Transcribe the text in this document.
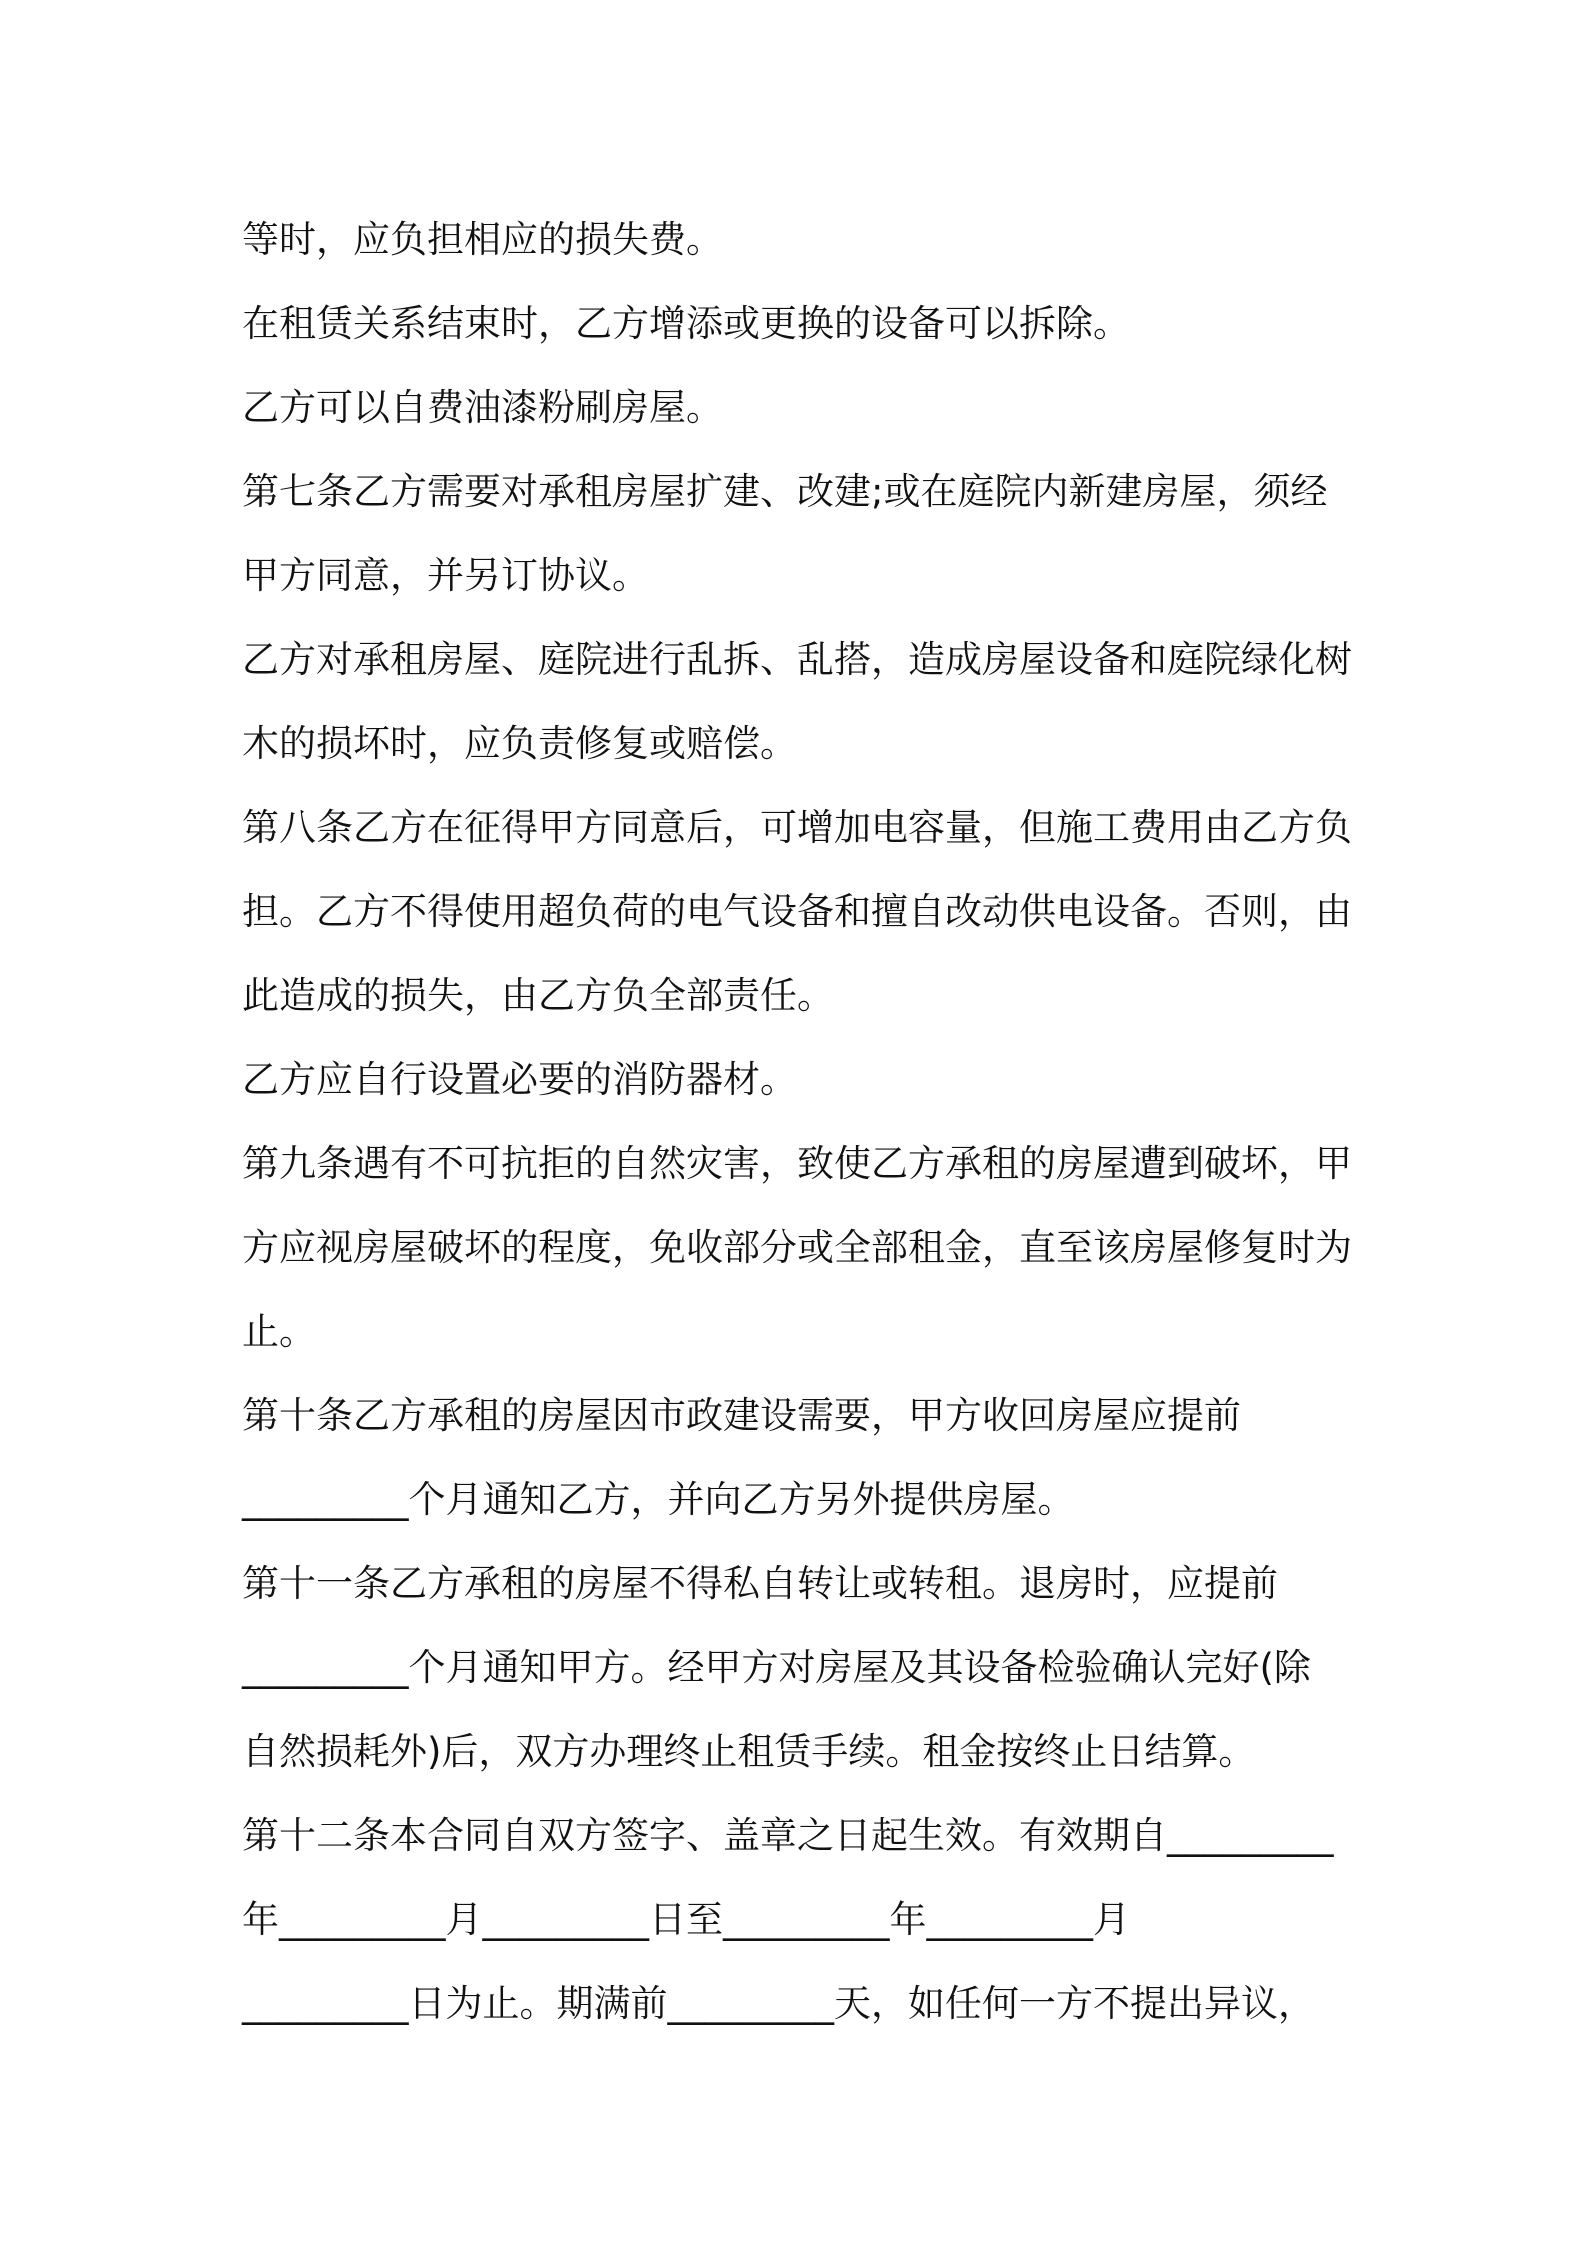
等时，应负担相应的损失费。

在租赁关系结束时，乙方增添或更换的设备可以拆除。

乙方可以自费油漆粉刷房屋。

第七条乙方需要对承租房屋扩建、改建;或在庭院内新建房屋，须经

甲方同意，并另订协议。

乙方对承租房屋、庭院进行乱拆、乱搭，造成房屋设备和庭院绿化树

木的损坏时，应负责修复或赔偿。

第八条乙方在征得甲方同意后，可增加电容量，但施工费用由乙方负

担。乙方不得使用超负荷的电气设备和擅自改动供电设备。否则，由

此造成的损失，由乙方负全部责任。

乙方应自行设置必要的消防器材。

第九条遇有不可抗拒的自然灾害，致使乙方承租的房屋遭到破坏，甲

方应视房屋破坏的程度，免收部分或全部租金，直至该房屋修复时为

止。

第十条乙方承租的房屋因市政建设需要，甲方收回房屋应提前

_________个月通知乙方，并向乙方另外提供房屋。

第十一条乙方承租的房屋不得私自转让或转租。退房时，应提前

_________个月通知甲方。经甲方对房屋及其设备检验确认完好(除

自然损耗外)后，双方办理终止租赁手续。租金按终止日结算。

第十二条本合同自双方签字、盖章之日起生效。有效期自_________

年_________月_________日至_________年_________月

_________日为止。期满前_________天，如任何一方不提出异议，
